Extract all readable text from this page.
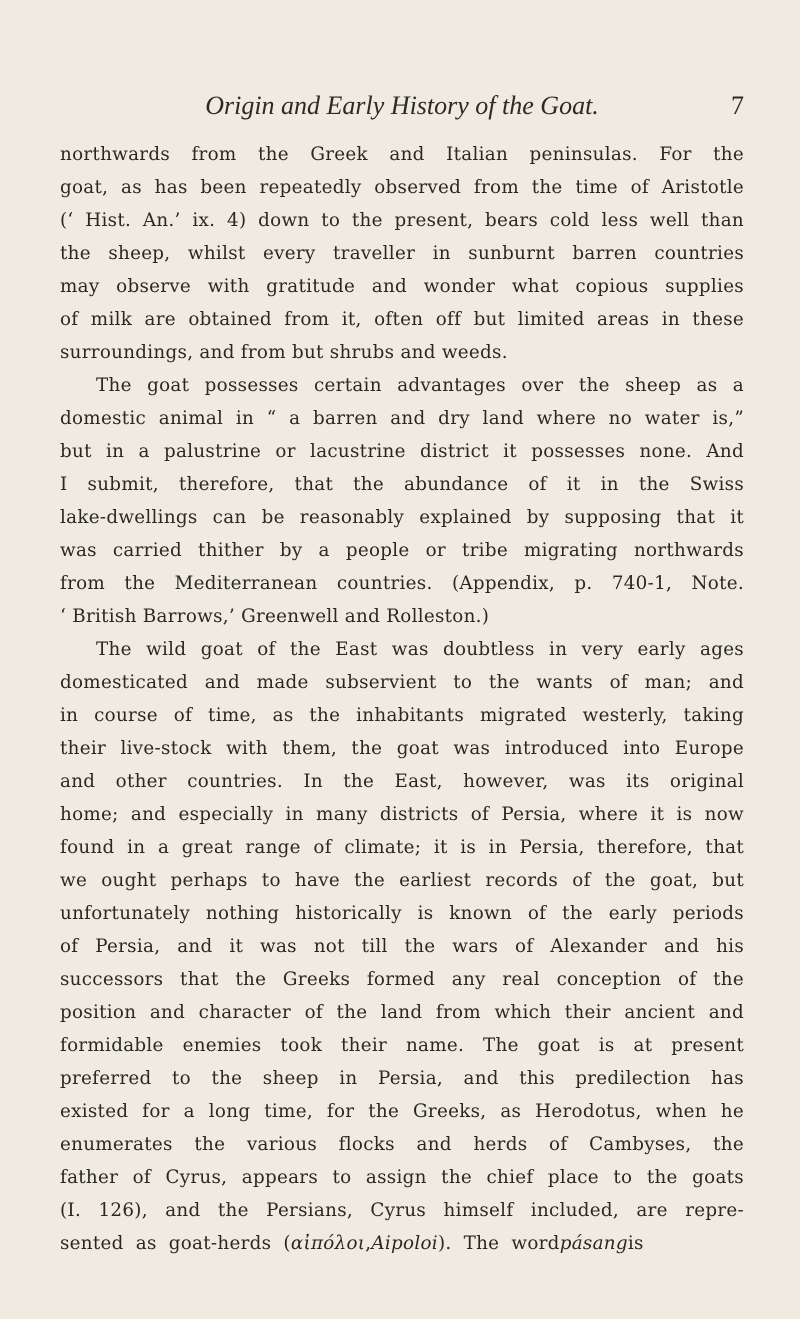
Origin and Early History of the Goat.	7
northwards from the Greek and Italian peninsulas. For the
goat, as has been repeatedly observed from the time of Aristotle
(‘ Hist. An.’ ix. 4) down to the present, bears cold less well than
the sheep, whilst every traveller in sunburnt barren countries
may observe with gratitude and wonder what copious supplies
of milk are obtained from it, often off but limited areas in these
surroundings, and from but shrubs and weeds.
The goat possesses certain advantages over the sheep as a
domestic animal in “ a barren and dry land where no water is,”
but in a palustrine or lacustrine district it possesses none. And
I submit, therefore, that the abundance of it in the Swiss
lake-dwellings can be reasonably explained by supposing that it
was carried thither by a people or tribe migrating northwards
from the Mediterranean countries. (Appendix, p. 740-1, Note.
‘ British Barrows,’ Greenwell and Rolleston.)
The wild goat of the East was doubtless in very early ages
domesticated and made subservient to the wants of man; and
in course of time, as the inhabitants migrated westerly, taking
their live-stock with them, the goat was introduced into Europe
and other countries. In the East, however, was its original
home; and especially in many districts of Persia, where it is now
found in a great range of climate; it is in Persia, therefore, that
we ought perhaps to have the earliest records of the goat, but
unfortunately nothing historically is known of the early periods
of Persia, and it was not till the wars of Alexander and his
successors that the Greeks formed any real conception of the
position and character of the land from which their ancient and
formidable enemies took their name. The goat is at present
preferred to the sheep in Persia, and this predilection has
existed for a long time, for the Greeks, as Herodotus, when he
enumerates the various flocks and herds of Cambyses, the
father of Cyrus, appears to assign the chief place to the goats
(I. 126), and the Persians, Cyrus himself included, are repre-
sented as goat-herds (αἰπόλοι,Aipoloi). The wordpásangis
